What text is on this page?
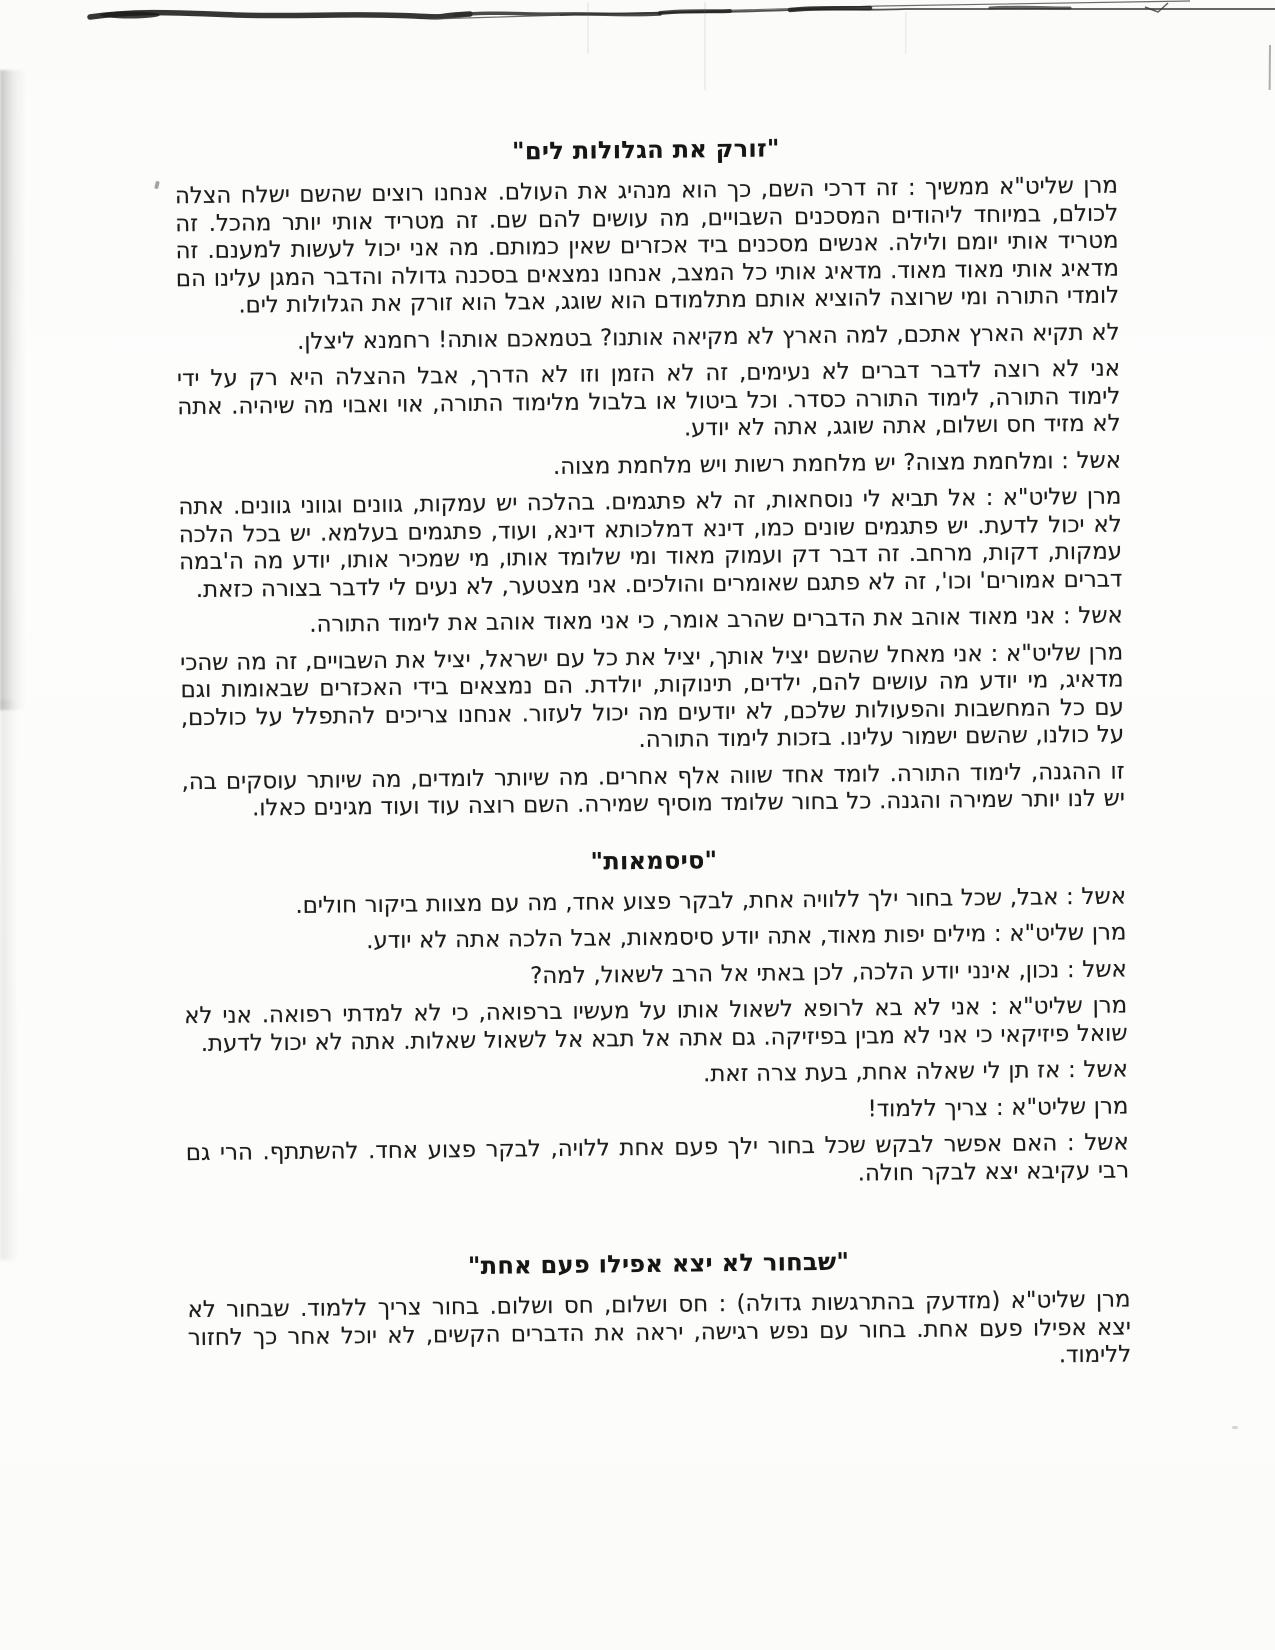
"זורק את הגלולות לים"

מרן שליט"א ממשיך : זה דרכי השם, כך הוא מנהיג את העולם. אנחנו רוצים שהשם ישלח הצלה לכולם, במיוחד ליהודים המסכנים השבויים, מה עושים להם שם. זה מטריד אותי יותר מהכל. זה מטריד אותי יומם ולילה. אנשים מסכנים ביד אכזרים שאין כמותם. מה אני יכול לעשות למענם. זה מדאיג אותי מאוד מאוד. מדאיג אותי כל המצב, אנחנו נמצאים בסכנה גדולה והדבר המגן עלינו הם לומדי התורה ומי שרוצה להוציא אותם מתלמודם הוא שוגג, אבל הוא זורק את הגלולות לים.

לא תקיא הארץ אתכם, למה הארץ לא מקיאה אותנו? בטמאכם אותה! רחמנא ליצלן.

אני לא רוצה לדבר דברים לא נעימים, זה לא הזמן וזו לא הדרך, אבל ההצלה היא רק על ידי לימוד התורה, לימוד התורה כסדר. וכל ביטול או בלבול מלימוד התורה, אוי ואבוי מה שיהיה. אתה לא מזיד חס ושלום, אתה שוגג, אתה לא יודע.

אשל : ומלחמת מצוה? יש מלחמת רשות ויש מלחמת מצוה.

מרן שליט"א : אל תביא לי נוסחאות, זה לא פתגמים. בהלכה יש עמקות, גוונים וגווני גוונים. אתה לא יכול לדעת. יש פתגמים שונים כמו, דינא דמלכותא דינא, ועוד, פתגמים בעלמא. יש בכל הלכה עמקות, דקות, מרחב. זה דבר דק ועמוק מאוד ומי שלומד אותו, מי שמכיר אותו, יודע מה ה'במה דברים אמורים' וכו', זה לא פתגם שאומרים והולכים. אני מצטער, לא נעים לי לדבר בצורה כזאת.

אשל : אני מאוד אוהב את הדברים שהרב אומר, כי אני מאוד אוהב את לימוד התורה.

מרן שליט"א : אני מאחל שהשם יציל אותך, יציל את כל עם ישראל, יציל את השבויים, זה מה שהכי מדאיג, מי יודע מה עושים להם, ילדים, תינוקות, יולדת. הם נמצאים בידי האכזרים שבאומות וגם עם כל המחשבות והפעולות שלכם, לא יודעים מה יכול לעזור. אנחנו צריכים להתפלל על כולכם, על כולנו, שהשם ישמור עלינו. בזכות לימוד התורה.

זו ההגנה, לימוד התורה. לומד אחד שווה אלף אחרים. מה שיותר לומדים, מה שיותר עוסקים בה, יש לנו יותר שמירה והגנה. כל בחור שלומד מוסיף שמירה. השם רוצה עוד ועוד מגינים כאלו.

"סיסמאות"

אשל : אבל, שכל בחור ילך ללוויה אחת, לבקר פצוע אחד, מה עם מצוות ביקור חולים.

מרן שליט"א : מילים יפות מאוד, אתה יודע סיסמאות, אבל הלכה אתה לא יודע.

אשל : נכון, אינני יודע הלכה, לכן באתי אל הרב לשאול, למה?

מרן שליט"א : אני לא בא לרופא לשאול אותו על מעשיו ברפואה, כי לא למדתי רפואה. אני לא שואל פיזיקאי כי אני לא מבין בפיזיקה. גם אתה אל תבא אל לשאול שאלות. אתה לא יכול לדעת.

אשל : אז תן לי שאלה אחת, בעת צרה זאת.

מרן שליט"א : צריך ללמוד!

אשל : האם אפשר לבקש שכל בחור ילך פעם אחת ללויה, לבקר פצוע אחד. להשתתף. הרי גם רבי עקיבא יצא לבקר חולה.

"שבחור לא יצא אפילו פעם אחת"

מרן שליט"א (מזדעק בהתרגשות גדולה) : חס ושלום, חס ושלום. בחור צריך ללמוד. שבחור לא יצא אפילו פעם אחת. בחור עם נפש רגישה, יראה את הדברים הקשים, לא יוכל אחר כך לחזור ללימוד.
